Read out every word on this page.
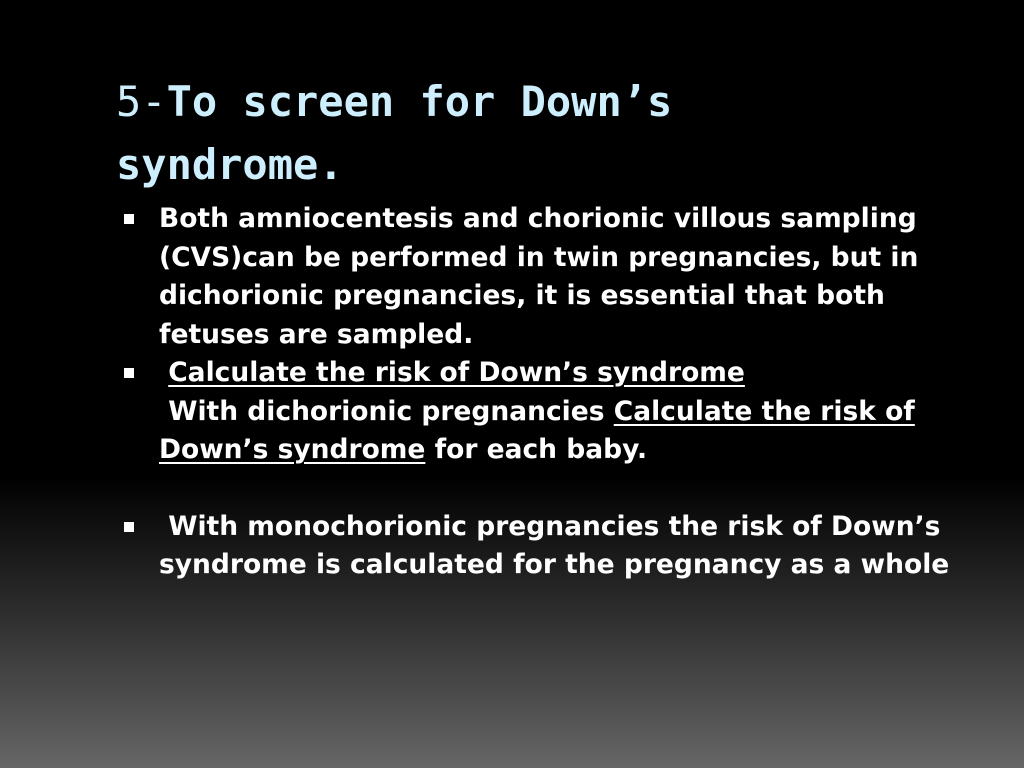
5-To screen for Down’s
syndrome.

Both amniocentesis and chorionic villous sampling (CVS)can be performed in twin pregnancies, but in dichorionic pregnancies, it is essential that both fetuses are sampled.

Calculate the risk of Down’s syndrome

With dichorionic pregnancies Calculate the risk of Down’s syndrome for each baby.

With monochorionic pregnancies the risk of Down’s syndrome is calculated for the pregnancy as a whole
